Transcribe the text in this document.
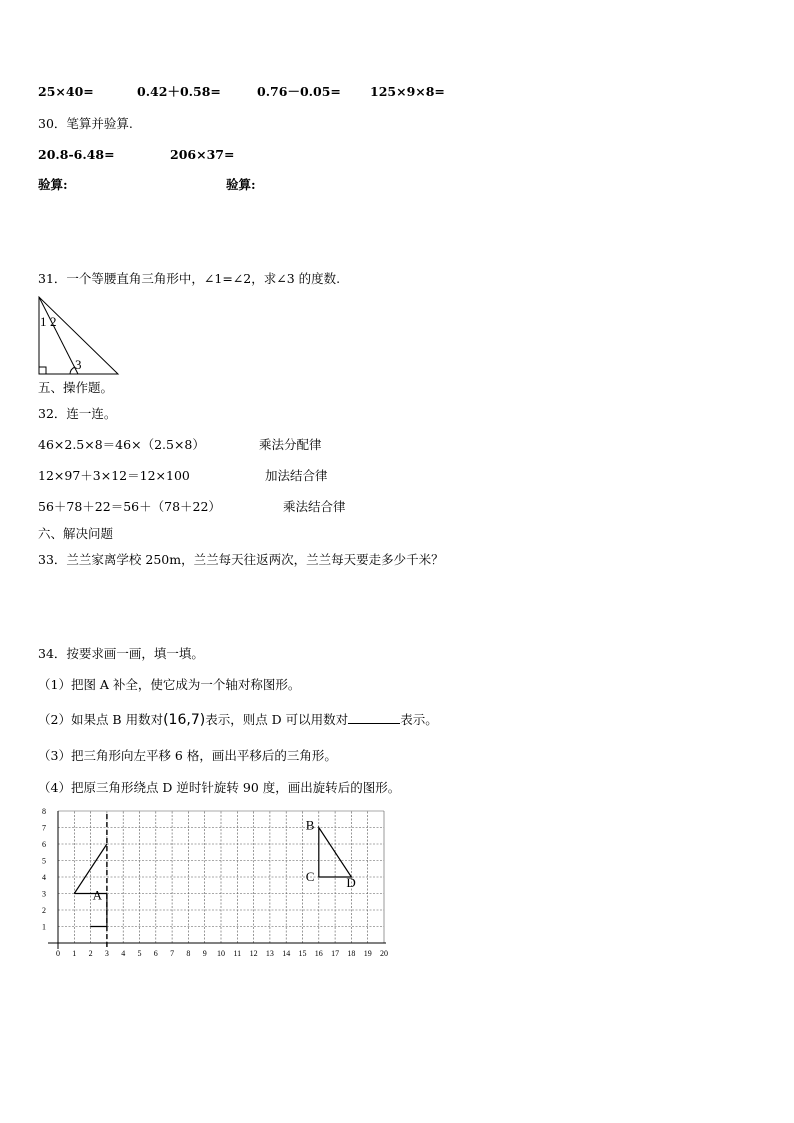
25×40=	0.42＋0.58=	0.76－0.05= 125×9×8=
30．笔算并验算.
20.8-6.48=	206×37=
验算:	验算:
31．一个等腰直角三角形中，∠1=∠2，求∠3 的度数.
1 2
3
五、操作题。
32．连一连。
46×2.5×8＝46×（2.5×8）
12×97＋3×12＝12×100
56＋78＋22＝56＋（78＋22）
乘法分配律
加法结合律
乘法结合律
六、解决问题
33．兰兰家离学校 250m，兰兰每天往返两次，兰兰每天要走多少千米？
34．按要求画一画，填一填。
（1）把图 A 补全，使它成为一个轴对称图形。
（2）如果点 B 用数对(16,7)表示，则点 D 可以用数对	表示。
（3）把三角形向左平移 6 格，画出平移后的三角形。
（4）把原三角形绕点 D 逆时针旋转 90 度，画出旋转后的图形。
0 1 2 3 4 5 6 7 8 9 10 11 12 13 14 15 16 17 18 19 20
1
2
3
4
5
6
7
8
A
B
C D
